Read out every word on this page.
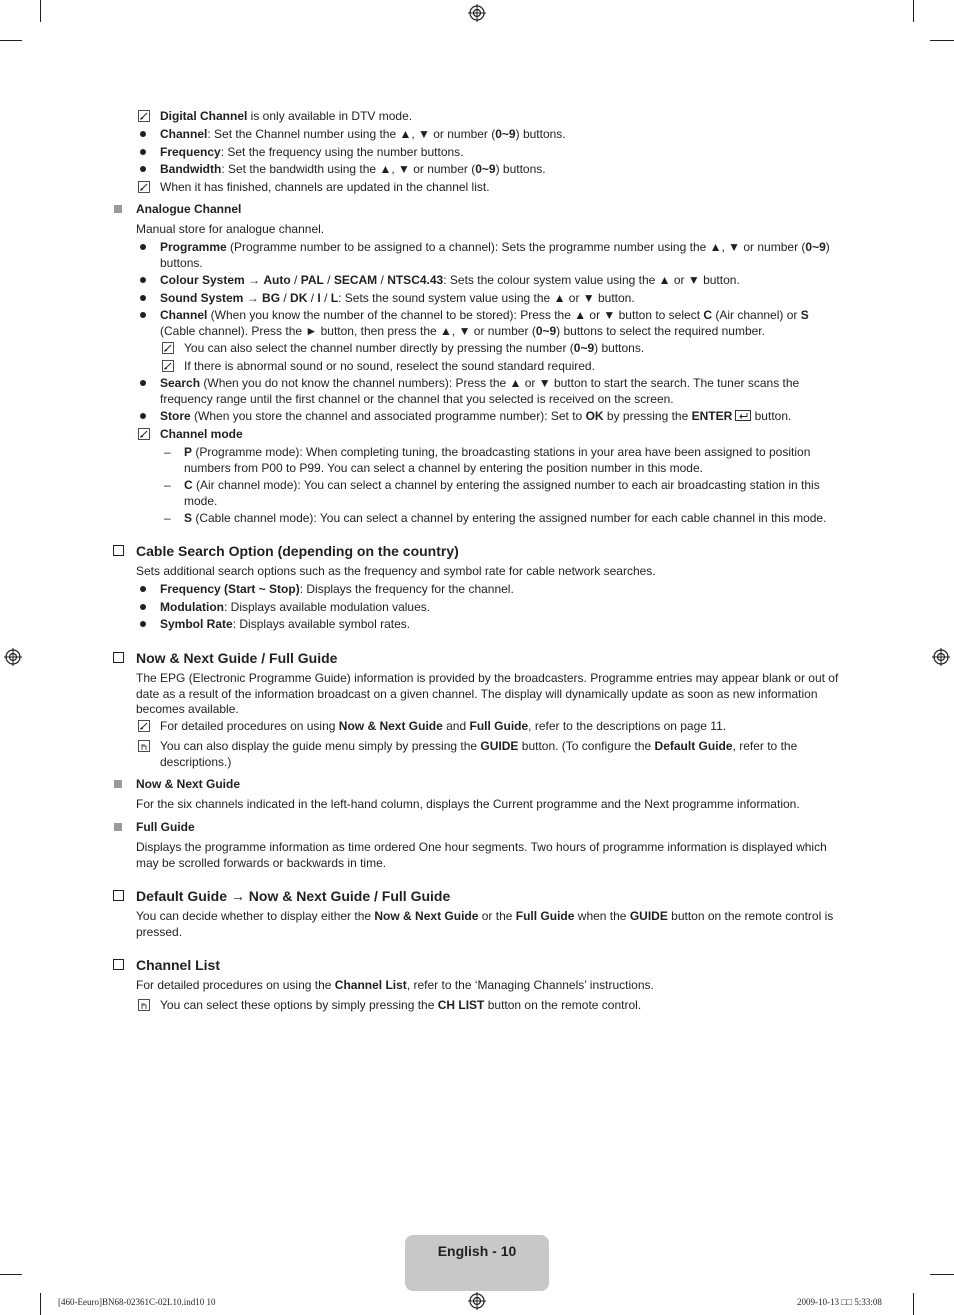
Digital Channel is only available in DTV mode.
Channel: Set the Channel number using the ▲, ▼ or number (0~9) buttons.
Frequency: Set the frequency using the number buttons.
Bandwidth: Set the bandwidth using the ▲, ▼ or number (0~9) buttons.
When it has finished, channels are updated in the channel list.
Analogue Channel
Manual store for analogue channel.
Programme (Programme number to be assigned to a channel): Sets the programme number using the ▲, ▼ or number (0~9) buttons.
Colour System → Auto / PAL / SECAM / NTSC4.43: Sets the colour system value using the ▲ or ▼ button.
Sound System → BG / DK / I / L: Sets the sound system value using the ▲ or ▼ button.
Channel (When you know the number of the channel to be stored): Press the ▲ or ▼ button to select C (Air channel) or S (Cable channel). Press the ► button, then press the ▲, ▼ or number (0~9) buttons to select the required number.
You can also select the channel number directly by pressing the number (0~9) buttons.
If there is abnormal sound or no sound, reselect the sound standard required.
Search (When you do not know the channel numbers): Press the ▲ or ▼ button to start the search. The tuner scans the frequency range until the first channel or the channel that you selected is received on the screen.
Store (When you store the channel and associated programme number): Set to OK by pressing the ENTER button.
Channel mode
– P (Programme mode): When completing tuning, the broadcasting stations in your area have been assigned to position numbers from P00 to P99. You can select a channel by entering the position number in this mode.
– C (Air channel mode): You can select a channel by entering the assigned number to each air broadcasting station in this mode.
– S (Cable channel mode): You can select a channel by entering the assigned number for each cable channel in this mode.
Cable Search Option (depending on the country)
Sets additional search options such as the frequency and symbol rate for cable network searches.
Frequency (Start ~ Stop): Displays the frequency for the channel.
Modulation: Displays available modulation values.
Symbol Rate: Displays available symbol rates.
Now & Next Guide / Full Guide
The EPG (Electronic Programme Guide) information is provided by the broadcasters. Programme entries may appear blank or out of date as a result of the information broadcast on a given channel. The display will dynamically update as soon as new information becomes available.
For detailed procedures on using Now & Next Guide and Full Guide, refer to the descriptions on page 11.
You can also display the guide menu simply by pressing the GUIDE button. (To configure the Default Guide, refer to the descriptions.)
Now & Next Guide
For the six channels indicated in the left-hand column, displays the Current programme and the Next programme information.
Full Guide
Displays the programme information as time ordered One hour segments. Two hours of programme information is displayed which may be scrolled forwards or backwards in time.
Default Guide → Now & Next Guide / Full Guide
You can decide whether to display either the Now & Next Guide or the Full Guide when the GUIDE button on the remote control is pressed.
Channel List
For detailed procedures on using the Channel List, refer to the ‘Managing Channels’ instructions.
You can select these options by simply pressing the CH LIST button on the remote control.
English - 10
[460-Eeuro]BN68-02361C-02L10.ind10 10	2009-10-13 □□ 5:33:08
